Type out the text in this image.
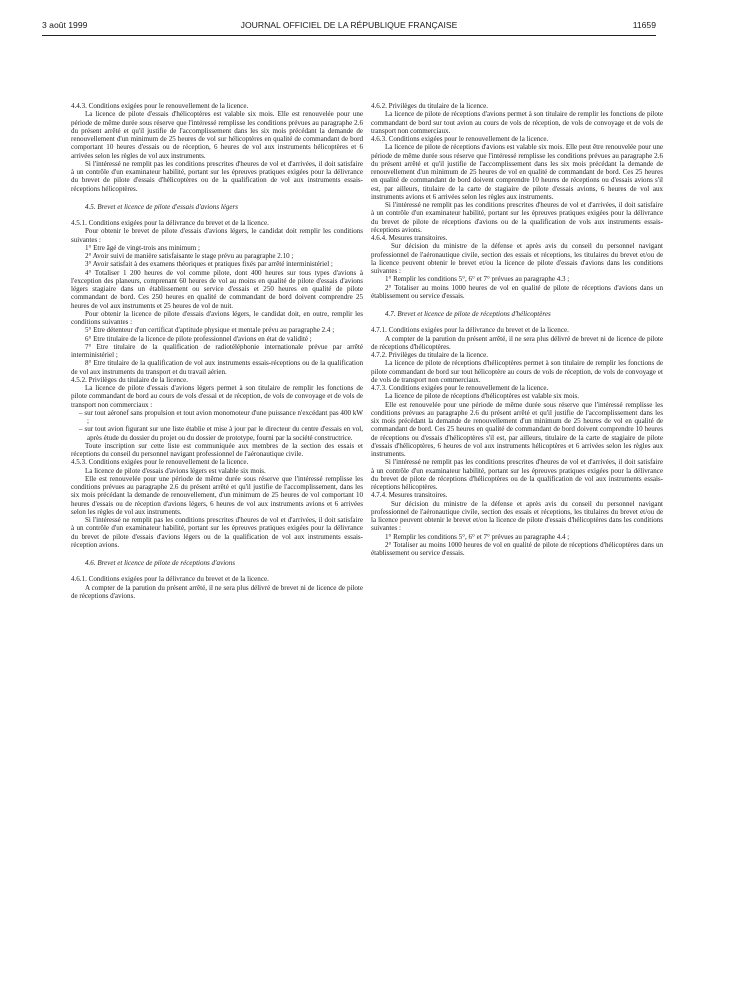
3 août 1999	JOURNAL OFFICIEL DE LA RÉPUBLIQUE FRANÇAISE	11659

4.4.3. Conditions exigées pour le renouvellement de la licence.

La licence de pilote d'essais d'hélicoptères est valable six mois. Elle est renouvelée pour une période de même durée sous réserve que l'intéressé remplisse les conditions prévues au paragraphe 2.6 du présent arrêté et qu'il justifie de l'accomplissement dans les six mois précédant la demande de renouvellement d'un minimum de 25 heures de vol sur hélicoptères en qualité de commandant de bord comportant 10 heures d'essais ou de réception, 6 heures de vol aux instruments hélicoptères et 6 arrivées selon les règles de vol aux instruments.

Si l'intéressé ne remplit pas les conditions prescrites d'heures de vol et d'arrivées, il doit satisfaire à un contrôle d'un examinateur habilité, portant sur les épreuves pratiques exigées pour la délivrance du brevet de pilote d'essais d'hélicoptères ou de la qualification de vol aux instruments essais-réceptions hélicoptères.

4.5. Brevet et licence de pilote d'essais d'avions légers

4.5.1. Conditions exigées pour la délivrance du brevet et de la licence.

Pour obtenir le brevet de pilote d'essais d'avions légers, le candidat doit remplir les conditions suivantes :

1° Etre âgé de vingt-trois ans minimum ;

2° Avoir suivi de manière satisfaisante le stage prévu au paragraphe 2.10 ;

3° Avoir satisfait à des examens théoriques et pratiques fixés par arrêté interministériel ;

4° Totaliser 1 200 heures de vol comme pilote, dont 400 heures sur tous types d'avions à l'exception des planeurs, comprenant 60 heures de vol au moins en qualité de pilote d'essais d'avions légers stagiaire dans un établissement ou service d'essais et 250 heures en qualité de pilote commandant de bord. Ces 250 heures en qualité de commandant de bord doivent comprendre 25 heures de vol aux instruments et 25 heures de vol de nuit.

Pour obtenir la licence de pilote d'essais d'avions légers, le candidat doit, en outre, remplir les conditions suivantes :

5° Etre détenteur d'un certificat d'aptitude physique et mentale prévu au paragraphe 2.4 ;

6° Etre titulaire de la licence de pilote professionnel d'avions en état de validité ;

7° Etre titulaire de la qualification de radiotéléphonie internationale prévue par arrêté interministériel ;

8° Etre titulaire de la qualification de vol aux instruments essais-réceptions ou de la qualification de vol aux instruments du transport et du travail aérien.

4.5.2. Privilèges du titulaire de la licence.

La licence de pilote d'essais d'avions légers permet à son titulaire de remplir les fonctions de pilote commandant de bord au cours de vols d'essai et de réception, de vols de convoyage et de vols de transport non commerciaux :

– sur tout aéronef sans propulsion et tout avion monomoteur d'une puissance n'excédant pas 400 kW ;

– sur tout avion figurant sur une liste établie et mise à jour par le directeur du centre d'essais en vol, après étude du dossier du projet ou du dossier de prototype, fourni par la société constructrice.

Toute inscription sur cette liste est communiquée aux membres de la section des essais et réceptions du conseil du personnel navigant professionnel de l'aéronautique civile.

4.5.3. Conditions exigées pour le renouvellement de la licence.

La licence de pilote d'essais d'avions légers est valable six mois.

Elle est renouvelée pour une période de même durée sous réserve que l'intéressé remplisse les conditions prévues au paragraphe 2.6 du présent arrêté et qu'il justifie de l'accomplissement, dans les six mois précédant la demande de renouvellement, d'un minimum de 25 heures de vol comportant 10 heures d'essais ou de réception d'avions légers, 6 heures de vol aux instruments avions et 6 arrivées selon les règles de vol aux instruments.

Si l'intéressé ne remplit pas les conditions prescrites d'heures de vol et d'arrivées, il doit satisfaire à un contrôle d'un examinateur habilité, portant sur les épreuves pratiques exigées pour la délivrance du brevet de pilote d'essais d'avions légers ou de la qualification de vol aux instruments essais-réception avions.

4.6. Brevet et licence de pilote de réceptions d'avions

4.6.1. Conditions exigées pour la délivrance du brevet et de la licence.

A compter de la parution du présent arrêté, il ne sera plus délivré de brevet ni de licence de pilote de réceptions d'avions.

4.6.2. Privilèges du titulaire de la licence.

La licence de pilote de réceptions d'avions permet à son titulaire de remplir les fonctions de pilote commandant de bord sur tout avion au cours de vols de réception, de vols de convoyage et de vols de transport non commerciaux.

4.6.3. Conditions exigées pour le renouvellement de la licence.

La licence de pilote de réceptions d'avions est valable six mois. Elle peut être renouvelée pour une période de même durée sous réserve que l'intéressé remplisse les conditions prévues au paragraphe 2.6 du présent arrêté et qu'il justifie de l'accomplissement dans les six mois précédant la demande de renouvellement d'un minimum de 25 heures de vol en qualité de commandant de bord. Ces 25 heures en qualité de commandant de bord doivent comprendre 10 heures de réceptions ou d'essais avions s'il est, par ailleurs, titulaire de la carte de stagiaire de pilote d'essais avions, 6 heures de vol aux instruments avions et 6 arrivées selon les règles aux instruments.

Si l'intéressé ne remplit pas les conditions prescrites d'heures de vol et d'arrivées, il doit satisfaire à un contrôle d'un examinateur habilité, portant sur les épreuves pratiques exigées pour la délivrance du brevet de pilote de réceptions d'avions ou de la qualification de vols aux instruments essais-réceptions avions.

4.6.4. Mesures transitoires.

Sur décision du ministre de la défense et après avis du conseil du personnel navigant professionnel de l'aéronautique civile, section des essais et réceptions, les titulaires du brevet et/ou de la licence peuvent obtenir le brevet et/ou la licence de pilote d'essais d'avions dans les conditions suivantes :

1° Remplir les conditions 5°, 6° et 7° prévues au paragraphe 4.3 ;

2° Totaliser au moins 1000 heures de vol en qualité de pilote de réceptions d'avions dans un établissement ou service d'essais.

4.7. Brevet et licence de pilote de réceptions d'hélicoptères

4.7.1. Conditions exigées pour la délivrance du brevet et de la licence.

A compter de la parution du présent arrêté, il ne sera plus délivré de brevet ni de licence de pilote de réceptions d'hélicoptères.

4.7.2. Privilèges du titulaire de la licence.

La licence de pilote de réceptions d'hélicoptères permet à son titulaire de remplir les fonctions de pilote commandant de bord sur tout hélicoptère au cours de vols de réception, de vols de convoyage et de vols de transport non commerciaux.

4.7.3. Conditions exigées pour le renouvellement de la licence.

La licence de pilote de réceptions d'hélicoptères est valable six mois.

Elle est renouvelée pour une période de même durée sous réserve que l'intéressé remplisse les conditions prévues au paragraphe 2.6 du présent arrêté et qu'il justifie de l'accomplissement dans les six mois précédant la demande de renouvellement d'un minimum de 25 heures de vol en qualité de commandant de bord. Ces 25 heures en qualité de commandant de bord doivent comprendre 10 heures de réceptions ou d'essais d'hélicoptères s'il est, par ailleurs, titulaire de la carte de stagiaire de pilote d'essais d'hélicoptères, 6 heures de vol aux instruments hélicoptères et 6 arrivées selon les règles aux instruments.

Si l'intéressé ne remplit pas les conditions prescrites d'heures de vol et d'arrivées, il doit satisfaire à un contrôle d'un examinateur habilité, portant sur les épreuves pratiques exigées pour la délivrance du brevet de pilote de réceptions d'hélicoptères ou de la qualification de vol aux instruments essais-réceptions hélicoptères.

4.7.4. Mesures transitoires.

Sur décision du ministre de la défense et après avis du conseil du personnel navigant professionnel de l'aéronautique civile, section des essais et réceptions, les titulaires du brevet et/ou de la licence peuvent obtenir le brevet et/ou la licence de pilote d'essais d'hélicoptères dans les conditions suivantes :

1° Remplir les conditions 5°, 6° et 7° prévues au paragraphe 4.4 ;

2° Totaliser au moins 1000 heures de vol en qualité de pilote de réceptions d'hélicoptères dans un établissement ou service d'essais.
